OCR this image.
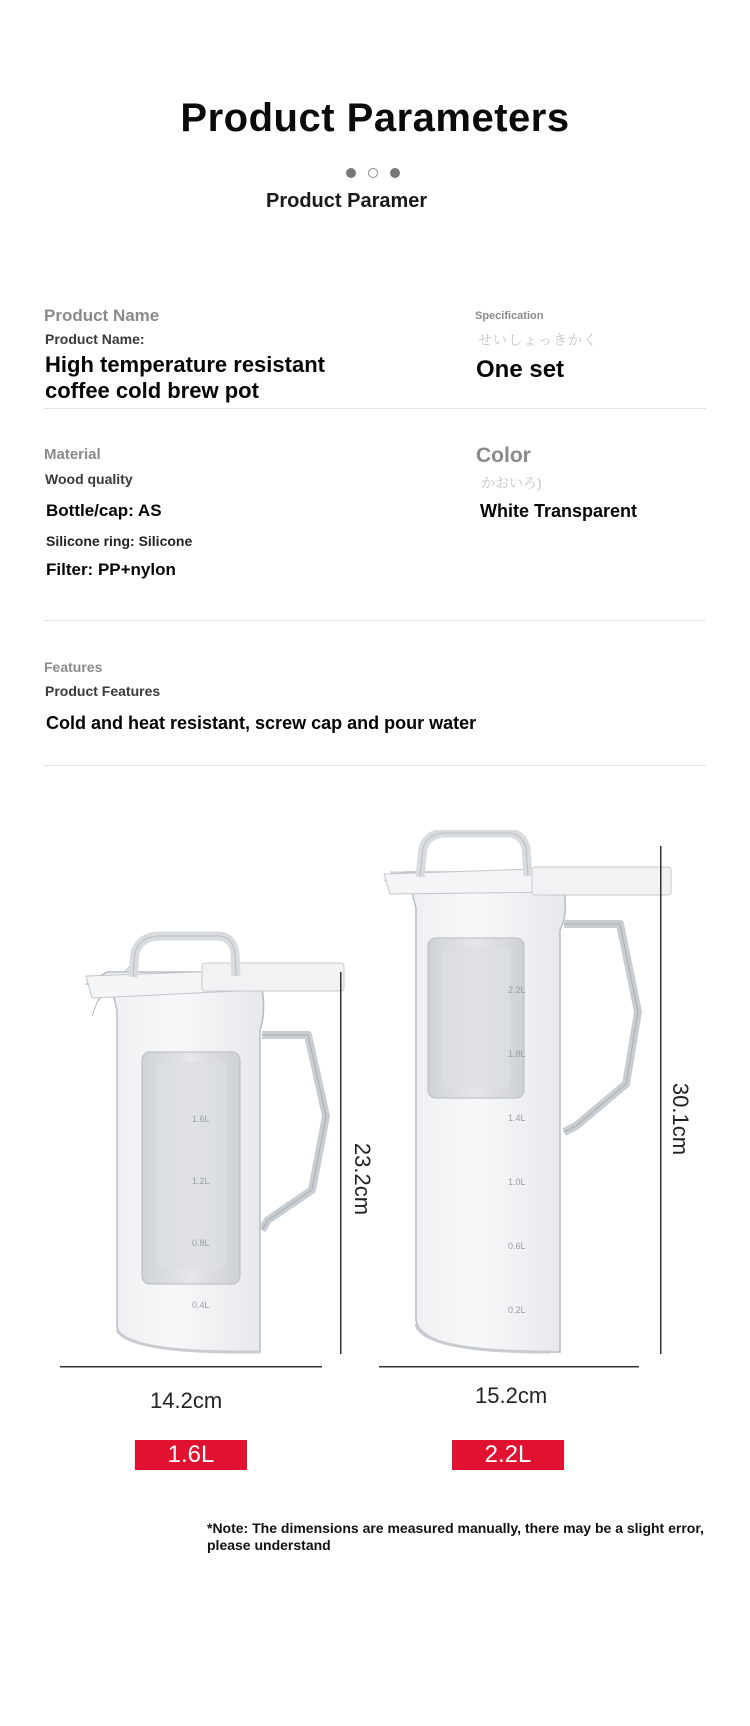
Product Parameters
Product Paramer
Product Name
Product Name:
High temperature resistant
coffee cold brew pot
Specification
せいしょっきかく
One set
Material
Wood quality
Bottle/cap: AS
Silicone ring: Silicone
Filter: PP+nylon
Color
かおいろ)
White Transparent
Features
Product Features
Cold and heat resistant, screw cap and pour water
1.6L
1.2L
0.8L
0.4L
2.2L
1.8L
1.4L
1.0L
0.6L
0.2L
23.2cm
30.1cm
14.2cm	15.2cm
1.6L	2.2L
*Note: The dimensions are measured manually, there may be a slight error, please understand
